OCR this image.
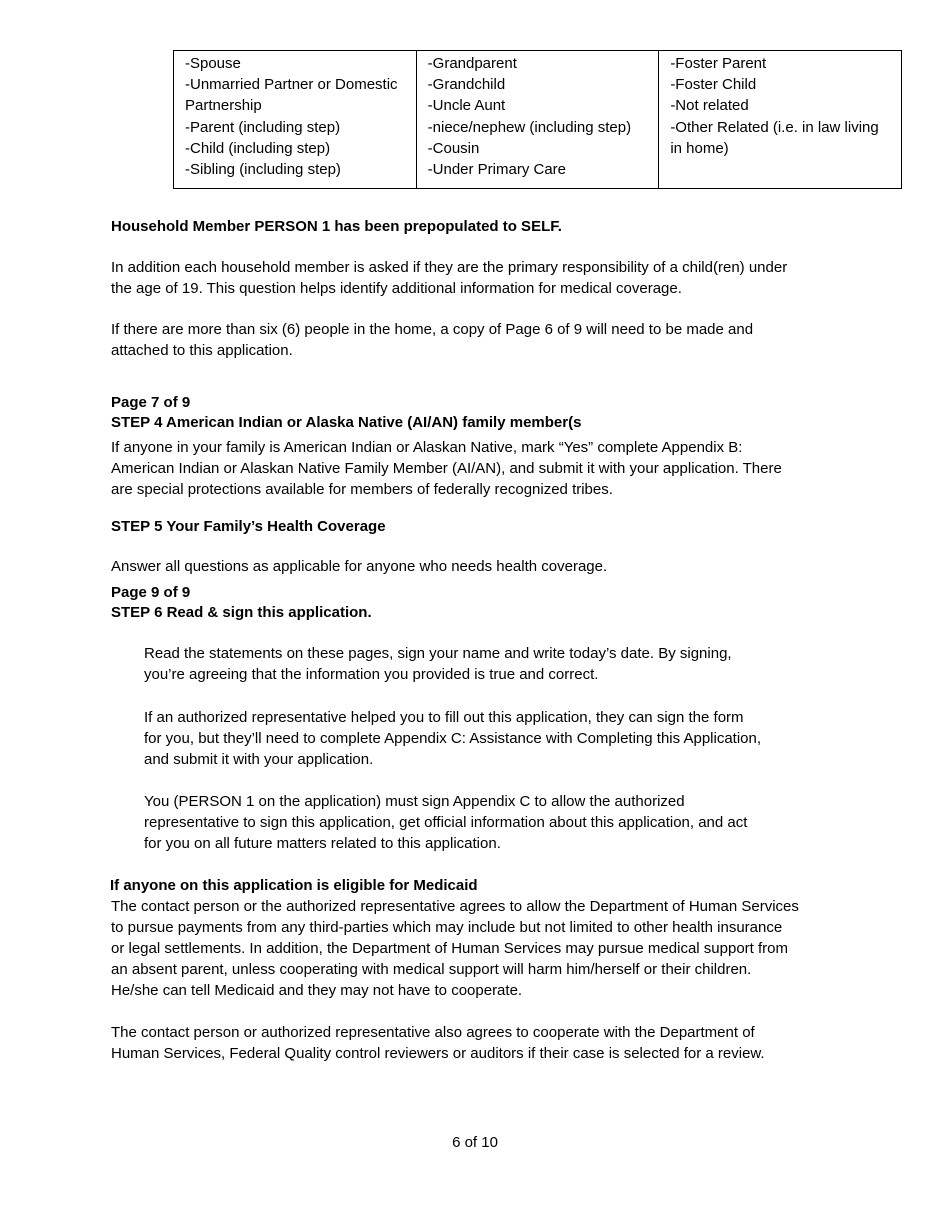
-Spouse
-Unmarried Partner or Domestic
Partnership
-Parent (including step)
-Child (including step)
-Sibling (including step)

-Grandparent
-Grandchild
-Uncle Aunt
-niece/nephew (including step)
-Cousin
-Under Primary Care

-Foster Parent
-Foster Child
-Not related
-Other Related (i.e. in law living
in home)

Household Member PERSON 1 has been prepopulated to SELF.

In addition each household member is asked if they are the primary responsibility of a child(ren) under
the age of 19. This question helps identify additional information for medical coverage.

If there are more than six (6) people in the home, a copy of Page 6 of 9 will need to be made and
attached to this application.

Page 7 of 9

STEP 4 American Indian or Alaska Native (AI/AN) family member(s

If anyone in your family is American Indian or Alaskan Native, mark “Yes” complete Appendix B:
American Indian or Alaskan Native Family Member (AI/AN), and submit it with your application. There
are special protections available for members of federally recognized tribes.

STEP 5 Your Family’s Health Coverage

Answer all questions as applicable for anyone who needs health coverage.

Page 9 of 9

STEP 6 Read & sign this application.

Read the statements on these pages, sign your name and write today’s date. By signing,
you’re agreeing that the information you provided is true and correct.

If an authorized representative helped you to fill out this application, they can sign the form
for you, but they’ll need to complete Appendix C: Assistance with Completing this Application,
and submit it with your application.

You (PERSON 1 on the application) must sign Appendix C to allow the authorized
representative to sign this application, get official information about this application, and act
for you on all future matters related to this application.

If anyone on this application is eligible for Medicaid

The contact person or the authorized representative agrees to allow the Department of Human Services
to pursue payments from any third-parties which may include but not limited to other health insurance
or legal settlements. In addition, the Department of Human Services may pursue medical support from
an absent parent, unless cooperating with medical support will harm him/herself or their children.
He/she can tell Medicaid and they may not have to cooperate.

The contact person or authorized representative also agrees to cooperate with the Department of
Human Services, Federal Quality control reviewers or auditors if their case is selected for a review.

6 of 10
